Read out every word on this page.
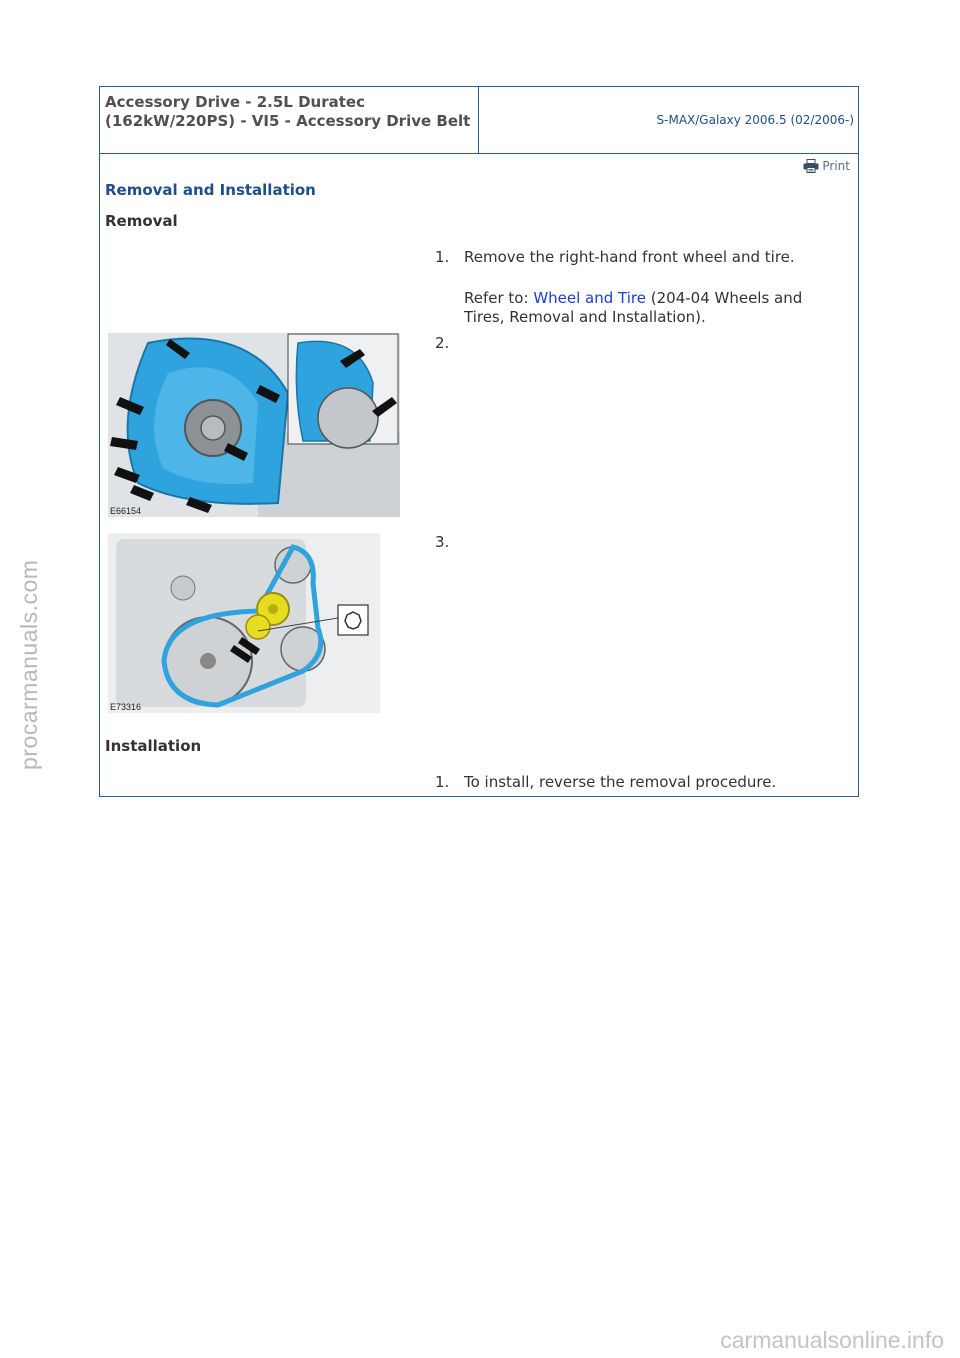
Accessory Drive - 2.5L Duratec (162kW/220PS) - VI5 - Accessory Drive Belt	S-MAX/Galaxy 2006.5 (02/2006-)
Print
Removal and Installation
Removal
1. Remove the right-hand front wheel and tire.
Refer to: Wheel and Tire (204-04 Wheels and Tires, Removal and Installation).
E66154
2.
E73316
3.
Installation
1. To install, reverse the removal procedure.
procarmanuals.com
carmanualsonline.info
